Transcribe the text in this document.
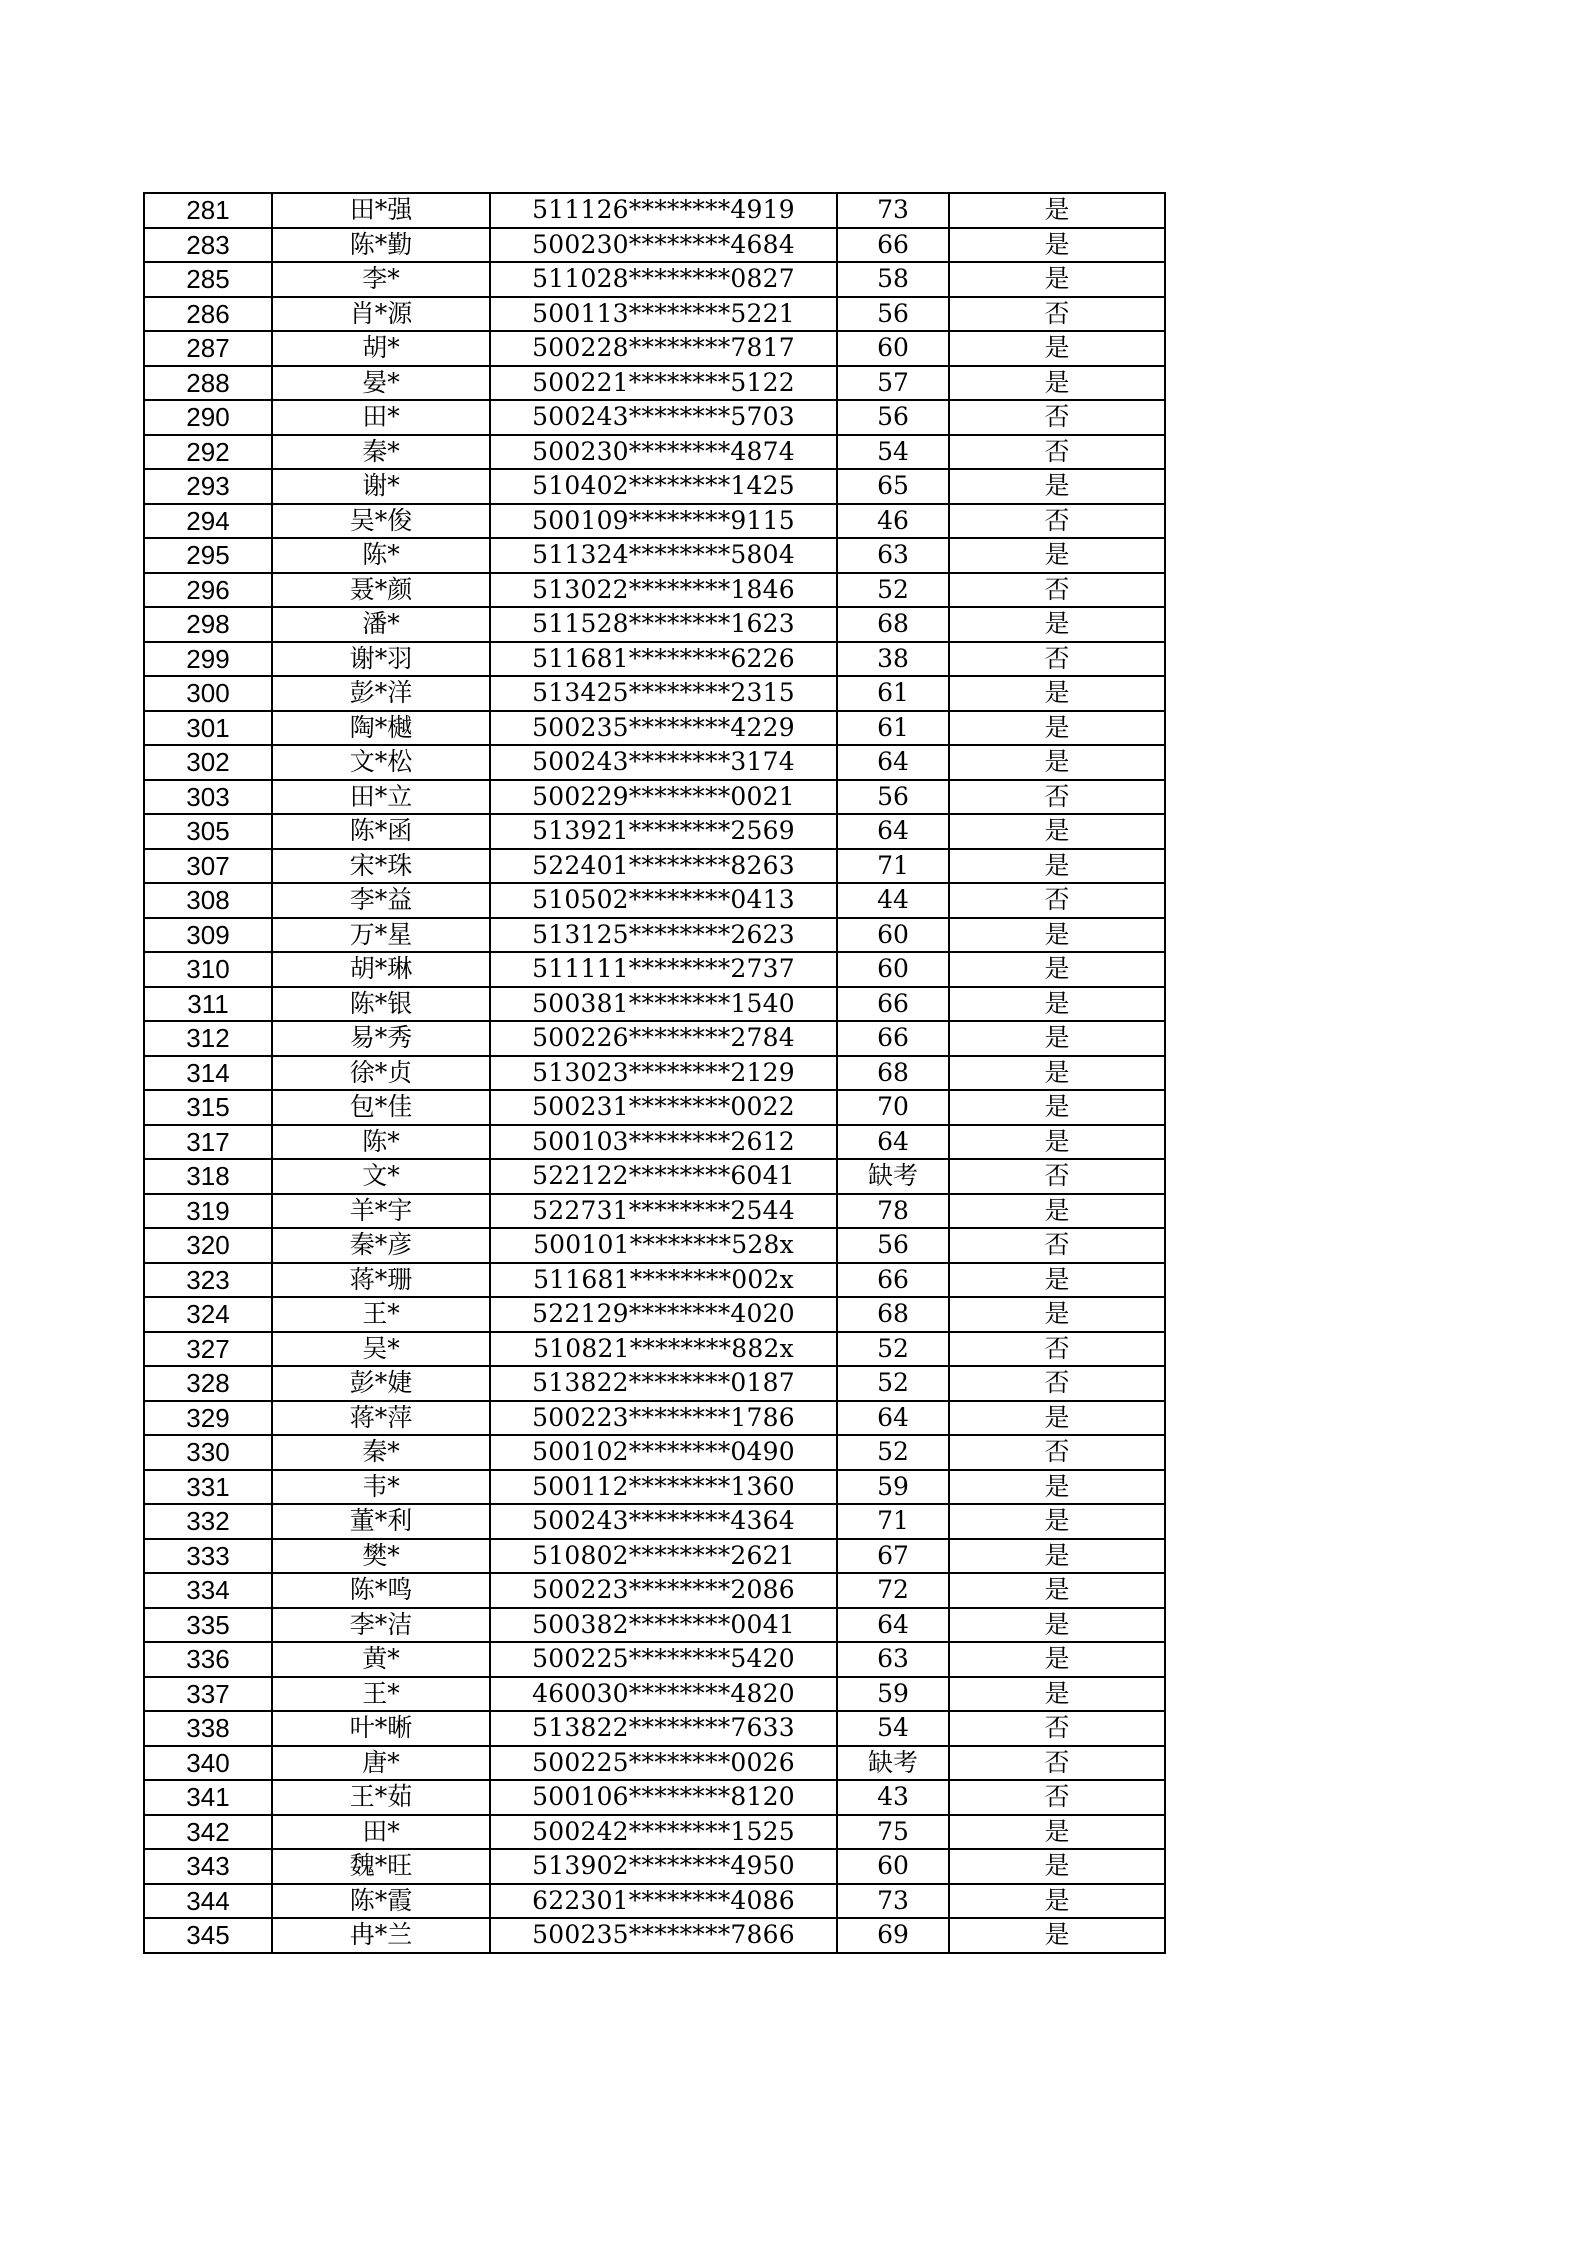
281	田*强	511126********4919	73	是
283	陈*勤	500230********4684	66	是
285	李*	511028********0827	58	是
286	肖*源	500113********5221	56	否
287	胡*	500228********7817	60	是
288	晏*	500221********5122	57	是
290	田*	500243********5703	56	否
292	秦*	500230********4874	54	否
293	谢*	510402********1425	65	是
294	吴*俊	500109********9115	46	否
295	陈*	511324********5804	63	是
296	聂*颜	513022********1846	52	否
298	潘*	511528********1623	68	是
299	谢*羽	511681********6226	38	否
300	彭*洋	513425********2315	61	是
301	陶*樾	500235********4229	61	是
302	文*松	500243********3174	64	是
303	田*立	500229********0021	56	否
305	陈*函	513921********2569	64	是
307	宋*珠	522401********8263	71	是
308	李*益	510502********0413	44	否
309	万*星	513125********2623	60	是
310	胡*琳	511111********2737	60	是
311	陈*银	500381********1540	66	是
312	易*秀	500226********2784	66	是
314	徐*贞	513023********2129	68	是
315	包*佳	500231********0022	70	是
317	陈*	500103********2612	64	是
318	文*	522122********6041	缺考	否
319	羊*宇	522731********2544	78	是
320	秦*彦	500101********528x	56	否
323	蒋*珊	511681********002x	66	是
324	王*	522129********4020	68	是
327	吴*	510821********882x	52	否
328	彭*婕	513822********0187	52	否
329	蒋*萍	500223********1786	64	是
330	秦*	500102********0490	52	否
331	韦*	500112********1360	59	是
332	董*利	500243********4364	71	是
333	樊*	510802********2621	67	是
334	陈*鸣	500223********2086	72	是
335	李*洁	500382********0041	64	是
336	黄*	500225********5420	63	是
337	王*	460030********4820	59	是
338	叶*晰	513822********7633	54	否
340	唐*	500225********0026	缺考	否
341	王*茹	500106********8120	43	否
342	田*	500242********1525	75	是
343	魏*旺	513902********4950	60	是
344	陈*霞	622301********4086	73	是
345	冉*兰	500235********7866	69	是
